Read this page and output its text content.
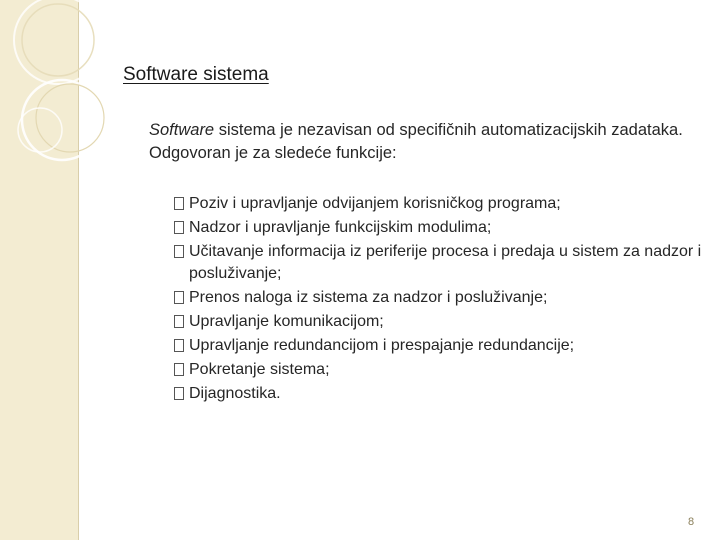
Software sistema
Software sistema je nezavisan od specifičnih automatizacijskih zadataka. Odgovoran je za sledeće funkcije:
Poziv i upravljanje odvijanjem korisničkog programa;
Nadzor i upravljanje funkcijskim modulima;
Učitavanje informacija iz periferije procesa i predaja u sistem za nadzor i posluživanje;
Prenos naloga iz sistema za nadzor i posluživanje;
Upravljanje komunikacijom;
Upravljanje redundancijom i prespajanje redundancije;
Pokretanje sistema;
Dijagnostika.
8
